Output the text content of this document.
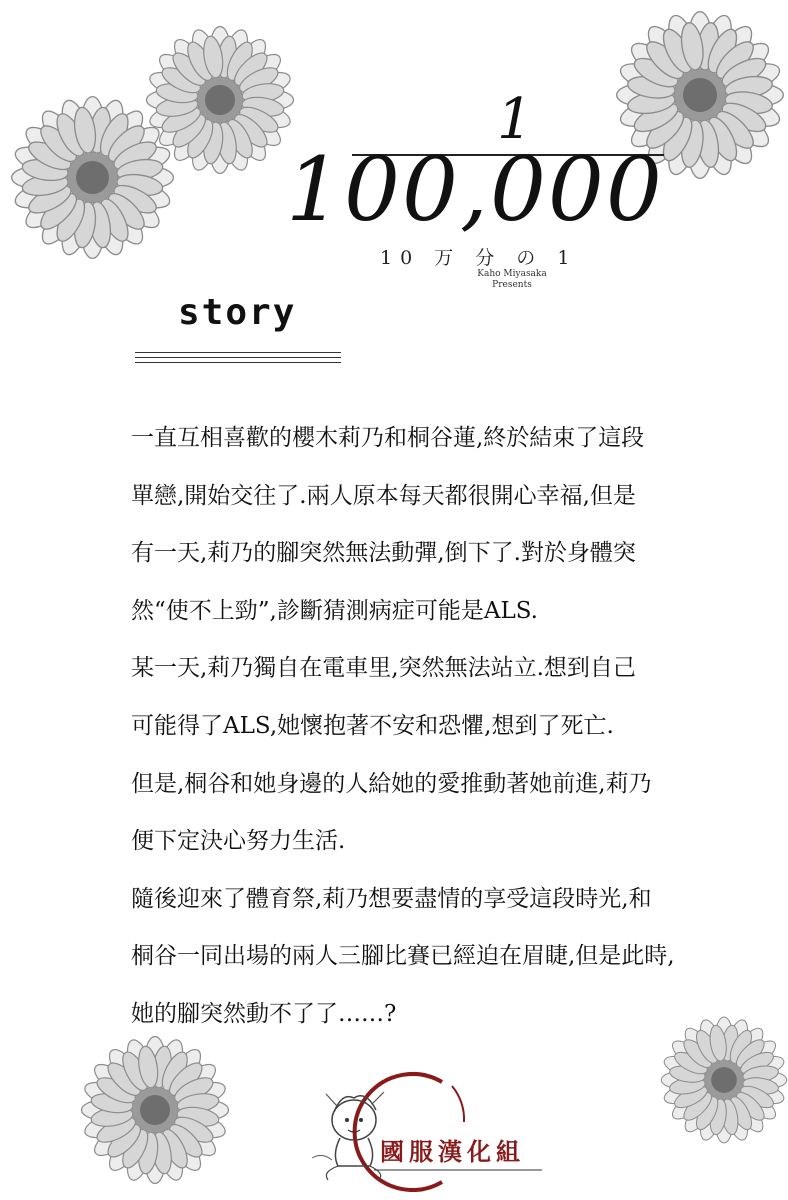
1
100,000
10 万 分 の 1
Kaho Miyasaka
Presents
story
一直互相喜歡的櫻木莉乃和桐谷蓮,終於結束了這段
單戀,開始交往了.兩人原本每天都很開心幸福,但是
有一天,莉乃的腳突然無法動彈,倒下了.對於身體突
然“使不上勁”,診斷猜測病症可能是ALS.
某一天,莉乃獨自在電車里,突然無法站立.想到自己
可能得了ALS,她懷抱著不安和恐懼,想到了死亡.
但是,桐谷和她身邊的人給她的愛推動著她前進,莉乃
便下定決心努力生活.
隨後迎來了體育祭,莉乃想要盡情的享受這段時光,和
桐谷一同出場的兩人三腳比賽已經迫在眉睫,但是此時,
她的腳突然動不了了……?
國服漢化組
